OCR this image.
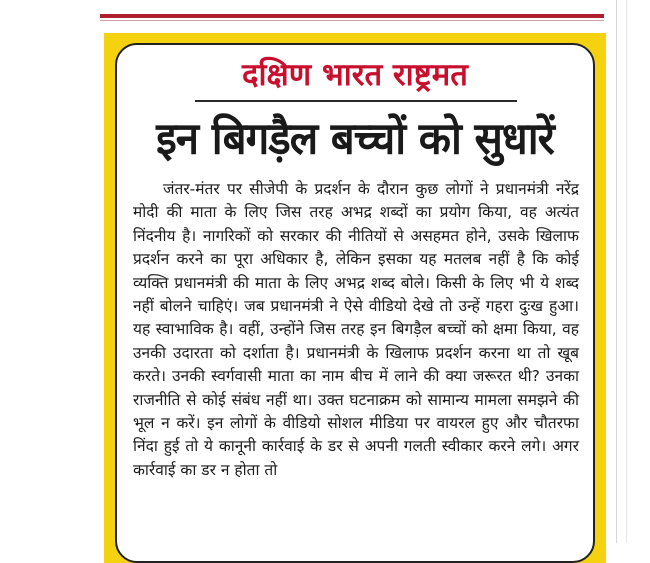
दक्षिण भारत राष्ट्रमत
इन बिगड़ैल बच्चों को सुधारें

जंतर-मंतर पर सीजेपी के प्रदर्शन के दौरान कुछ लोगों ने प्रधानमंत्री नरेंद्र मोदी की माता के लिए जिस तरह अभद्र शब्दों का प्रयोग किया, वह अत्यंत निंदनीय है। नागरिकों को सरकार की नीतियों से असहमत होने, उसके खिलाफ प्रदर्शन करने का पूरा अधिकार है, लेकिन इसका यह मतलब नहीं है कि कोई व्यक्ति प्रधानमंत्री की माता के लिए अभद्र शब्द बोले। किसी के लिए भी ये शब्द नहीं बोलने चाहिएं। जब प्रधानमंत्री ने ऐसे वीडियो देखे तो उन्हें गहरा दुःख हुआ। यह स्वाभाविक है। वहीं, उन्होंने जिस तरह इन बिगड़ैल बच्चों को क्षमा किया, वह उनकी उदारता को दर्शाता है। प्रधानमंत्री के खिलाफ प्रदर्शन करना था तो खूब करते। उनकी स्वर्गवासी माता का नाम बीच में लाने की क्या जरूरत थी? उनका राजनीति से कोई संबंध नहीं था। उक्त घटनाक्रम को सामान्य मामला समझने की भूल न करें। इन लोगों के वीडियो सोशल मीडिया पर वायरल हुए और चौतरफा निंदा हुई तो ये कानूनी कार्रवाई के डर से अपनी गलती स्वीकार करने लगे। अगर कार्रवाई का डर न होता तो
